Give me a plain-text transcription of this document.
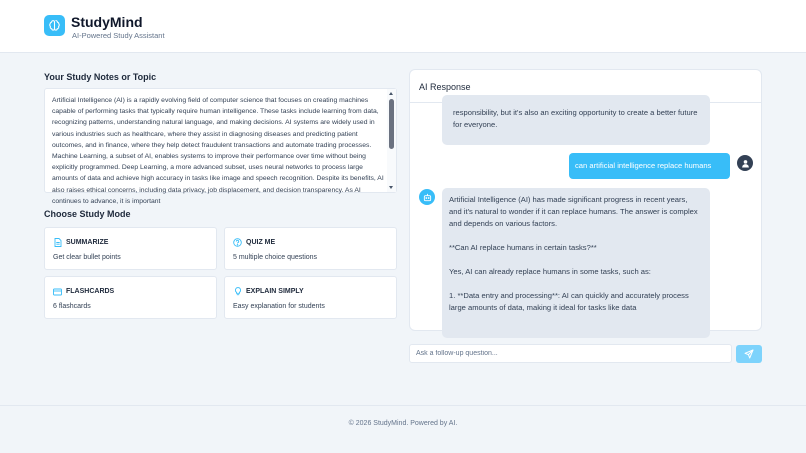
StudyMind
AI-Powered Study Assistant
Your Study Notes or Topic
Artificial Intelligence (AI) is a rapidly evolving field of computer science that focuses on creating machines capable of performing tasks that typically require human intelligence. These tasks include learning from data, recognizing patterns, understanding natural language, and making decisions. AI systems are widely used in various industries such as healthcare, where they assist in diagnosing diseases and predicting patient outcomes, and in finance, where they help detect fraudulent transactions and automate trading processes. Machine Learning, a subset of AI, enables systems to improve their performance over time without being explicitly programmed. Deep Learning, a more advanced subset, uses neural networks to process large amounts of data and achieve high accuracy in tasks like image and speech recognition. Despite its benefits, AI also raises ethical concerns, including data privacy, job displacement, and decision transparency. As AI continues to advance, it is important
Choose Study Mode
SUMMARIZE
Get clear bullet points
QUIZ ME
5 multiple choice questions
FLASHCARDS
6 flashcards
EXPLAIN SIMPLY
Easy explanation for students
AI Response
responsibility, but it's also an exciting opportunity to create a better future for everyone.
can artificial intelligence replace humans

Artificial Intelligence (AI) has made significant progress in recent years, and it's natural to wonder if it can replace humans. The answer is complex and depends on various factors.

**Can AI replace humans in certain tasks?**

Yes, AI can already replace humans in some tasks, such as:

1. **Data entry and processing**: AI can quickly and accurately process large amounts of data, making it ideal for tasks like data

Ask a follow-up question...
© 2026 StudyMind. Powered by AI.
